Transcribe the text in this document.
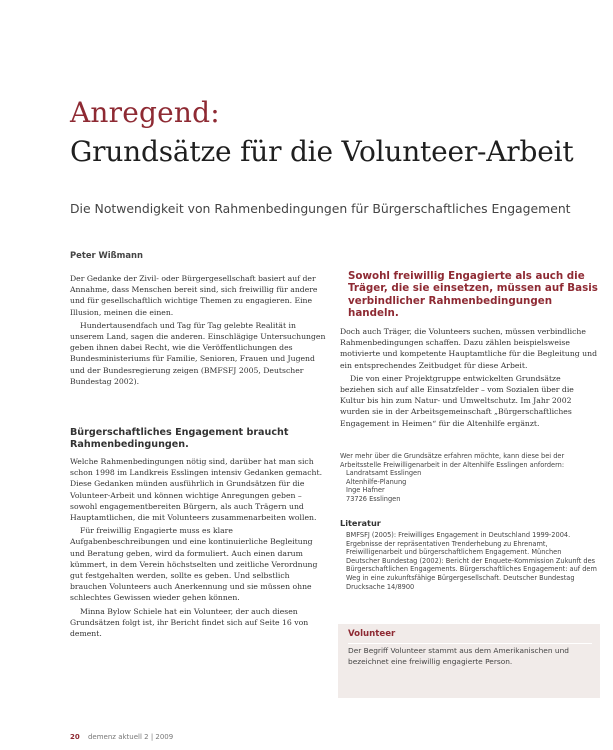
Anregend:
Grundsätze für die Volunteer-Arbeit
Die Notwendigkeit von Rahmenbedingungen für Bürgerschaftliches Engagement
Peter Wißmann

Der Gedanke der Zivil- oder Bürgergesellschaft basiert auf der Annahme, dass Menschen bereit sind, sich freiwillig für andere und für gesellschaftlich wichtige Themen zu engagieren. Eine Illusion, meinen die einen.

Hundertausendfach und Tag für Tag gelebte Realität in unserem Land, sagen die anderen. Einschlägige Untersuchungen geben ihnen dabei Recht, wie die Veröffentlichungen des Bundesministeriums für Familie, Senioren, Frauen und Jugend und der Bundesregierung zeigen (BMFSFJ 2005, Deutscher Bundestag 2002).

Bürgerschaftliches Engagement braucht Rahmenbedingungen.

Welche Rahmenbedingungen nötig sind, darüber hat man sich schon 1998 im Landkreis Esslingen intensiv Gedanken gemacht. Diese Gedanken münden ausführlich in Grundsätzen für die Volunteer-Arbeit und können wichtige Anregungen geben – sowohl engagementbereiten Bürgern, als auch Trägern und Hauptamtlichen, die mit Volunteers zusammenarbeiten wollen.

Für freiwillig Engagierte muss es klare Aufgabenbeschreibungen und eine kontinuierliche Begleitung und Beratung geben, wird da formuliert. Auch einen darum kümmert, in dem Verein höchstselten und zeitliche Verordnung gut festgehalten werden, sollte es geben. Und selbstlich brauchen Volunteers auch Anerkennung und sie müssen ohne schlechtes Gewissen wieder gehen können.

Minna Bylow Schiele hat ein Volunteer, der auch diesen Grundsätzen folgt ist, ihr Bericht findet sich auf Seite 16 von dement.

Sowohl freiwillig Engagierte als auch die Träger, die sie einsetzen, müssen auf Basis verbindlicher Rahmenbedingungen handeln.

Doch auch Träger, die Volunteers suchen, müssen verbindliche Rahmenbedingungen schaffen. Dazu zählen beispielsweise motivierte und kompetente Hauptamtliche für die Begleitung und ein entsprechendes Zeitbudget für diese Arbeit.

Die von einer Projektgruppe entwickelten Grundsätze beziehen sich auf alle Einsatzfelder – vom Sozialen über die Kultur bis hin zum Natur- und Umweltschutz. Im Jahr 2002 wurden sie in der Arbeitsgemeinschaft „Bürgerschaftliches Engagement in Heimen“ für die Altenhilfe ergänzt.

Wer mehr über die Grundsätze erfahren möchte, kann diese bei der Arbeitsstelle Freiwilligenarbeit in der Altenhilfe Esslingen anfordern:
Landratsamt Esslingen
Altenhilfe-Planung
Inge Hafner
73726 Esslingen
Literatur
BMFSFJ (2005): Freiwilliges Engagement in Deutschland 1999-2004. Ergebnisse der repräsentativen Trenderhebung zu Ehrenamt, Freiwilligenarbeit und bürgerschaftlichem Engagement. München
Deutscher Bundestag (2002): Bericht der Enquete-Kommission Zukunft des Bürgerschaftlichen Engagements. Bürgerschaftliches Engagement: auf dem Weg in eine zukunftsfähige Bürgergesellschaft. Deutscher Bundestag Drucksache 14/8900
Volunteer
Der Begriff Volunteer stammt aus dem Amerikanischen und bezeichnet eine freiwillig engagierte Person.
20 demenz aktuell 2 | 2009
